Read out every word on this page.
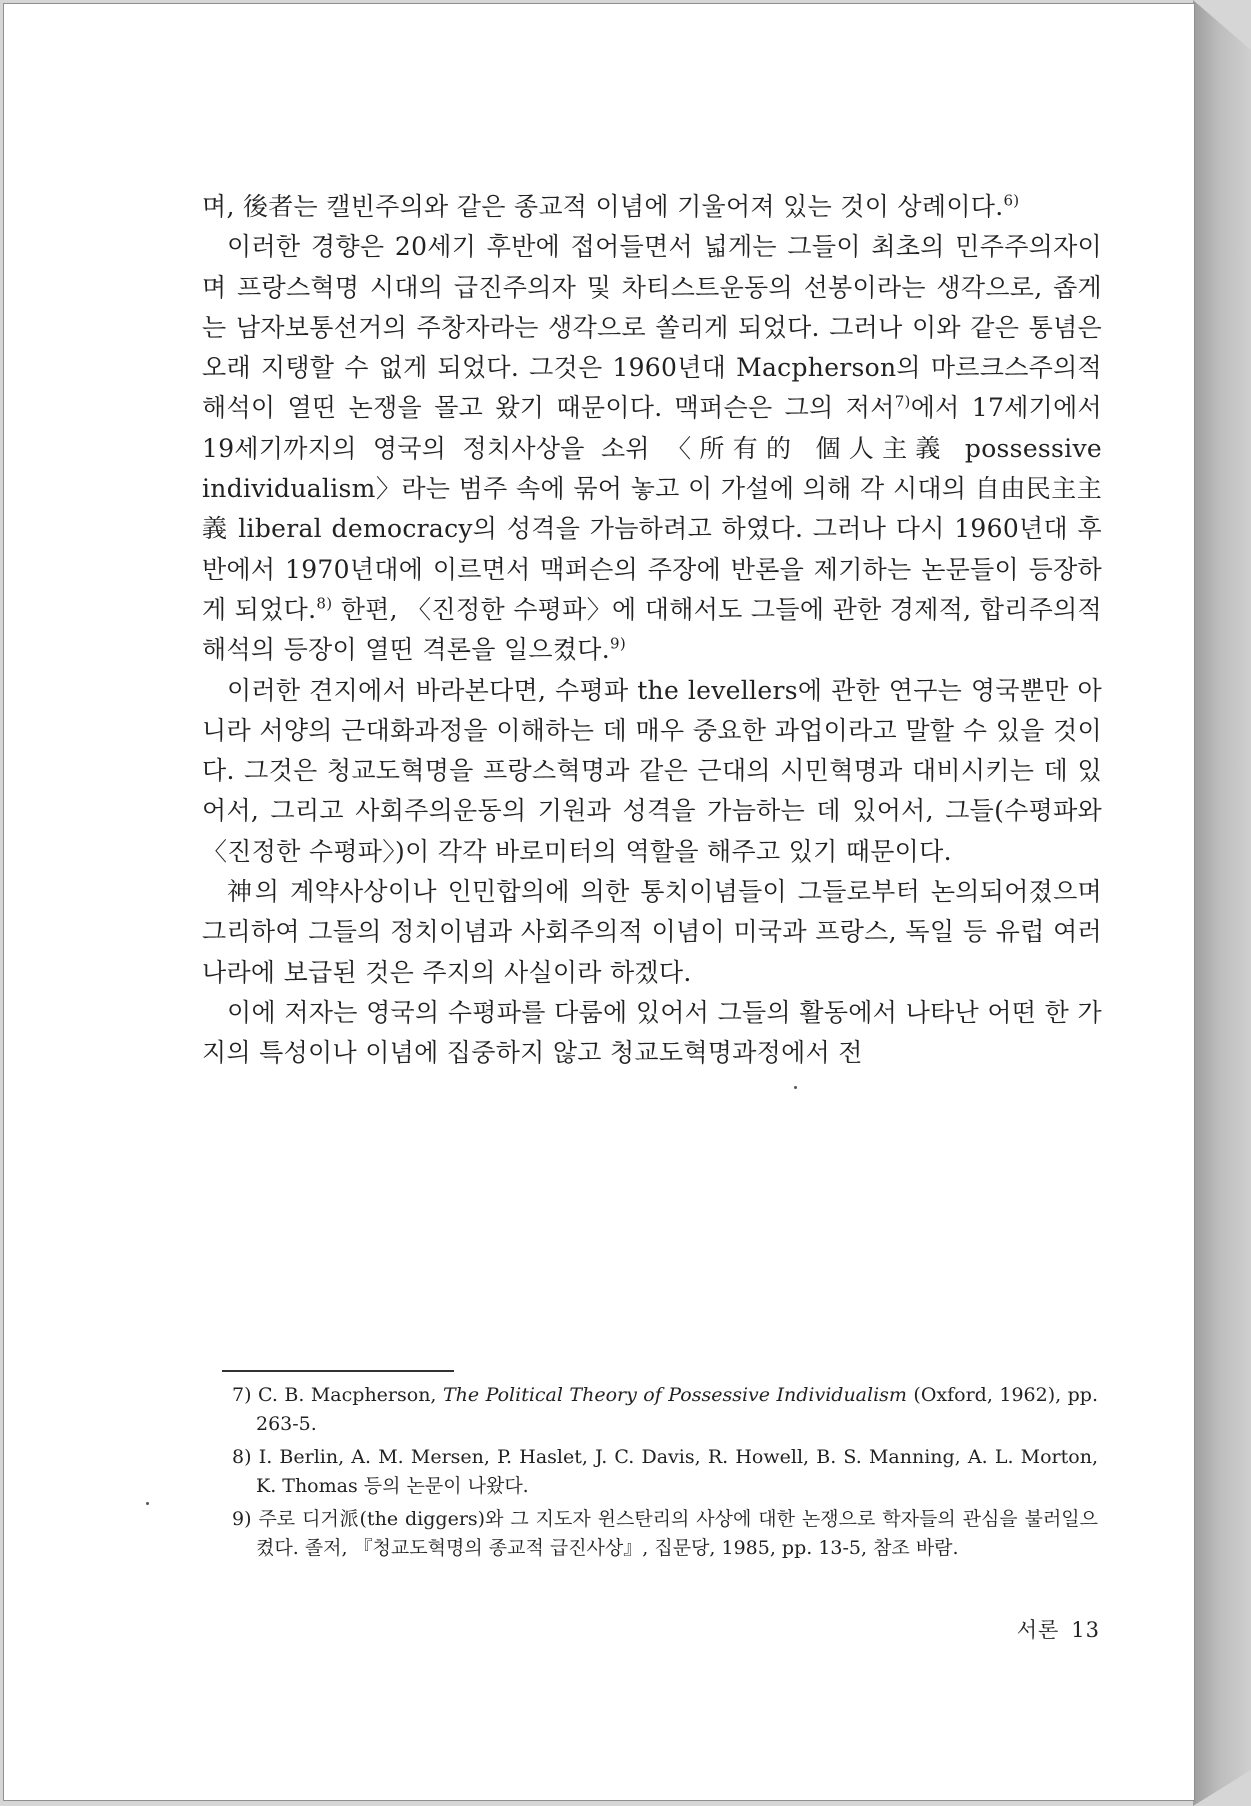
며, 後者는 캘빈주의와 같은 종교적 이념에 기울어져 있는 것이 상례이다.$^{6)}$

이러한 경향은 20세기 후반에 접어들면서 넓게는 그들이 최초의 민주주의자이며 프랑스혁명 시대의 급진주의자 및 차티스트운동의 선봉이라는 생각으로, 좁게는 남자보통선거의 주창자라는 생각으로 쏠리게 되었다. 그러나 이와 같은 통념은 오래 지탱할 수 없게 되었다. 그것은 1960년대 Macpherson의 마르크스주의적 해석이 열띤 논쟁을 몰고 왔기 때문이다. 맥퍼슨은 그의 저서$^{7)}$에서 17세기에서 19세기까지의 영국의 정치사상을 소위 〈所有的 個人主義 possessive individualism〉라는 범주 속에 묶어 놓고 이 가설에 의해 각 시대의 自由民主主義 liberal democracy의 성격을 가늠하려고 하였다. 그러나 다시 1960년대 후반에서 1970년대에 이르면서 맥퍼슨의 주장에 반론을 제기하는 논문들이 등장하게 되었다.$^{8)}$ 한편, 〈진정한 수평파〉에 대해서도 그들에 관한 경제적, 합리주의적 해석의 등장이 열띤 격론을 일으켰다.$^{9)}$

이러한 견지에서 바라본다면, 수평파 the levellers에 관한 연구는 영국뿐만 아니라 서양의 근대화과정을 이해하는 데 매우 중요한 과업이라고 말할 수 있을 것이다. 그것은 청교도혁명을 프랑스혁명과 같은 근대의 시민혁명과 대비시키는 데 있어서, 그리고 사회주의운동의 기원과 성격을 가늠하는 데 있어서, 그들(수평파와 〈진정한 수평파〉)이 각각 바로미터의 역할을 해주고 있기 때문이다.

神의 계약사상이나 인민합의에 의한 통치이념들이 그들로부터 논의되어졌으며 그리하여 그들의 정치이념과 사회주의적 이념이 미국과 프랑스, 독일 등 유럽 여러 나라에 보급된 것은 주지의 사실이라 하겠다.

이에 저자는 영국의 수평파를 다룸에 있어서 그들의 활동에서 나타난 어떤 한 가지의 특성이나 이념에 집중하지 않고 청교도혁명과정에서 전

7) C. B. Macpherson, The Political Theory of Possessive Individualism (Oxford, 1962), pp. 263-5.

8) I. Berlin, A. M. Mersen, P. Haslet, J. C. Davis, R. Howell, B. S. Manning, A. L. Morton, K. Thomas 등의 논문이 나왔다.

9) 주로 디거派(the diggers)와 그 지도자 윈스탄리의 사상에 대한 논쟁으로 학자들의 관심을 불러일으켰다. 졸저, 『청교도혁명의 종교적 급진사상』, 집문당, 1985, pp. 13-5, 참조 바람.

서론 13
